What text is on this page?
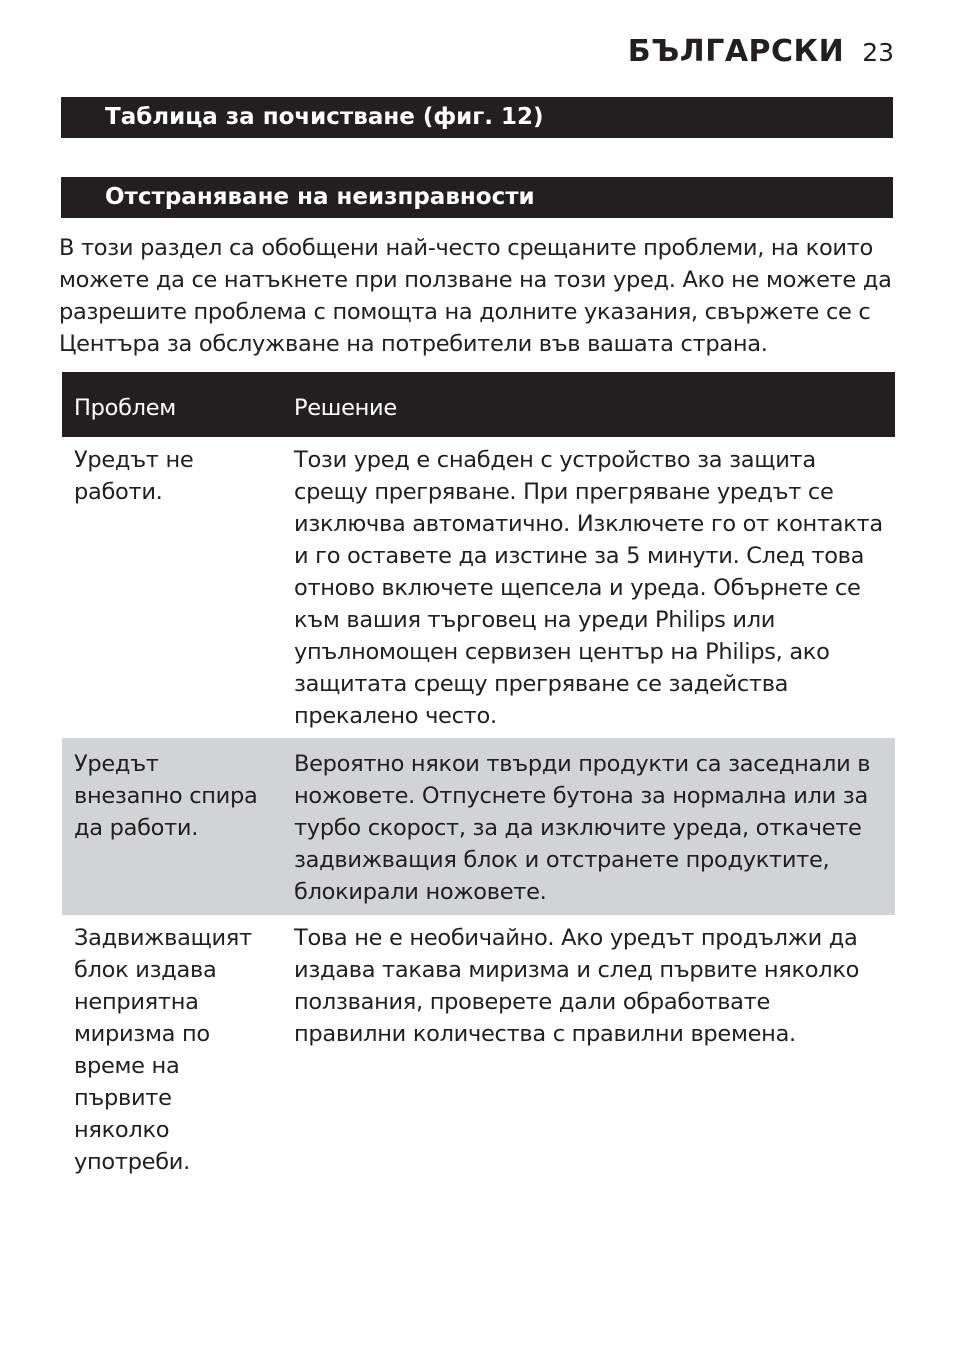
БЪЛГАРСКИ 23
Таблица за почистване (фиг. 12)
Отстраняване на неизправности

В този раздел са обобщени най-често срещаните проблеми, на които можете да се натъкнете при ползване на този уред. Ако не можете да разрешите проблема с помощта на долните указания, свържете се с Центъра за обслужване на потребители във вашата страна.

Проблем	Решение
Уредът не работи.	Този уред е снабден с устройство за защита срещу прегряване. При прегряване уредът се изключва автоматично. Изключете го от контакта и го оставете да изстине за 5 минути. След това отново включете щепсела и уреда. Обърнете се към вашия търговец на уреди Philips или упълномощен сервизен център на Philips, ако защитата срещу прегряване се задейства прекалено често.
Уредът внезапно спира да работи.	Вероятно някои твърди продукти са заседнали в ножовете. Отпуснете бутона за нормална или за турбо скорост, за да изключите уреда, откачете задвижващия блок и отстранете продуктите, блокирали ножовете.
Задвижващият блок издава неприятна миризма по време на първите няколко употреби.	Това не е необичайно. Ако уредът продължи да издава такава миризма и след първите няколко ползвания, проверете дали обработвате правилни количества с правилни времена.
